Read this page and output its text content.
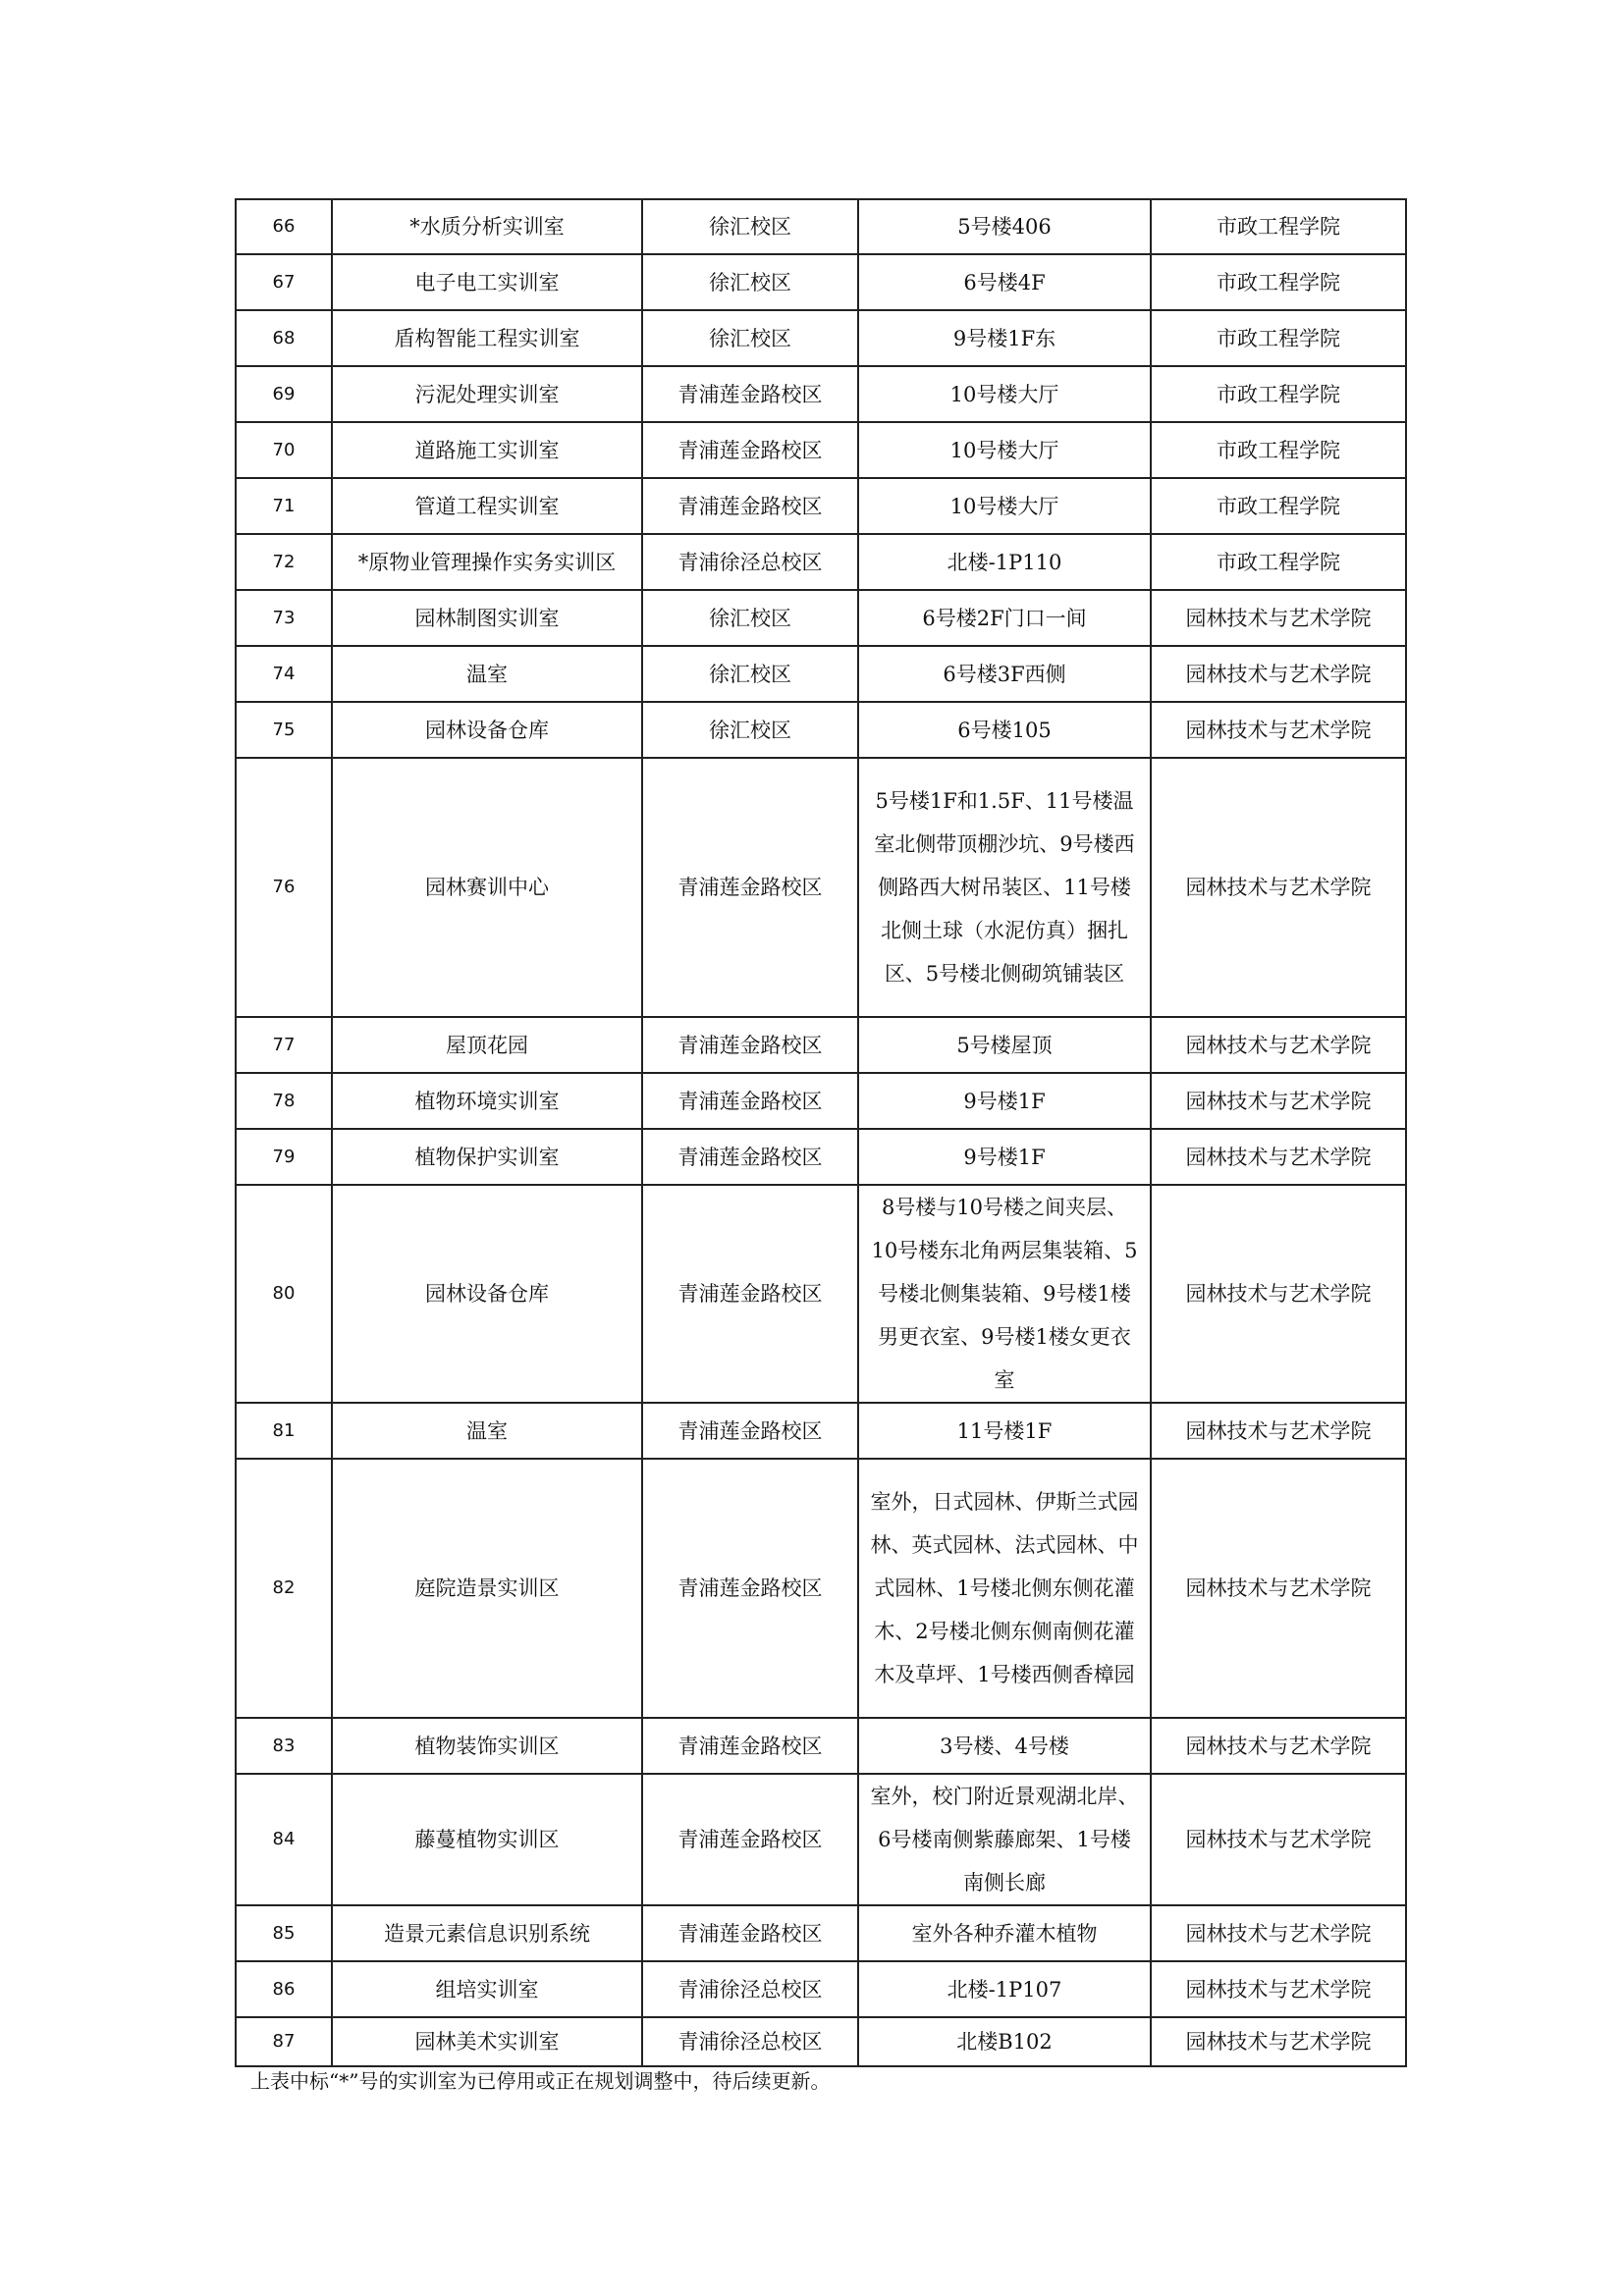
66	*水质分析实训室	徐汇校区	5号楼406	市政工程学院
67	电子电工实训室	徐汇校区	6号楼4F	市政工程学院
68	盾构智能工程实训室	徐汇校区	9号楼1F东	市政工程学院
69	污泥处理实训室	青浦莲金路校区	10号楼大厅	市政工程学院
70	道路施工实训室	青浦莲金路校区	10号楼大厅	市政工程学院
71	管道工程实训室	青浦莲金路校区	10号楼大厅	市政工程学院
72	*原物业管理操作实务实训区	青浦徐泾总校区	北楼-1P110	市政工程学院
73	园林制图实训室	徐汇校区	6号楼2F门口一间	园林技术与艺术学院
74	温室	徐汇校区	6号楼3F西侧	园林技术与艺术学院
75	园林设备仓库	徐汇校区	6号楼105	园林技术与艺术学院
76	园林赛训中心	青浦莲金路校区	5号楼1F和1.5F、11号楼温室北侧带顶棚沙坑、9号楼西侧路西大树吊装区、11号楼北侧土球（水泥仿真）捆扎区、5号楼北侧砌筑铺装区	园林技术与艺术学院
77	屋顶花园	青浦莲金路校区	5号楼屋顶	园林技术与艺术学院
78	植物环境实训室	青浦莲金路校区	9号楼1F	园林技术与艺术学院
79	植物保护实训室	青浦莲金路校区	9号楼1F	园林技术与艺术学院
80	园林设备仓库	青浦莲金路校区	8号楼与10号楼之间夹层、10号楼东北角两层集装箱、5号楼北侧集装箱、9号楼1楼男更衣室、9号楼1楼女更衣室	园林技术与艺术学院
81	温室	青浦莲金路校区	11号楼1F	园林技术与艺术学院
82	庭院造景实训区	青浦莲金路校区	室外，日式园林、伊斯兰式园林、英式园林、法式园林、中式园林、1号楼北侧东侧花灌木、2号楼北侧东侧南侧花灌木及草坪、1号楼西侧香樟园	园林技术与艺术学院
83	植物装饰实训区	青浦莲金路校区	3号楼、4号楼	园林技术与艺术学院
84	藤蔓植物实训区	青浦莲金路校区	室外，校门附近景观湖北岸、6号楼南侧紫藤廊架、1号楼南侧长廊	园林技术与艺术学院
85	造景元素信息识别系统	青浦莲金路校区	室外各种乔灌木植物	园林技术与艺术学院
86	组培实训室	青浦徐泾总校区	北楼-1P107	园林技术与艺术学院
87	园林美术实训室	青浦徐泾总校区	北楼B102	园林技术与艺术学院
上表中标“*”号的实训室为已停用或正在规划调整中，待后续更新。
